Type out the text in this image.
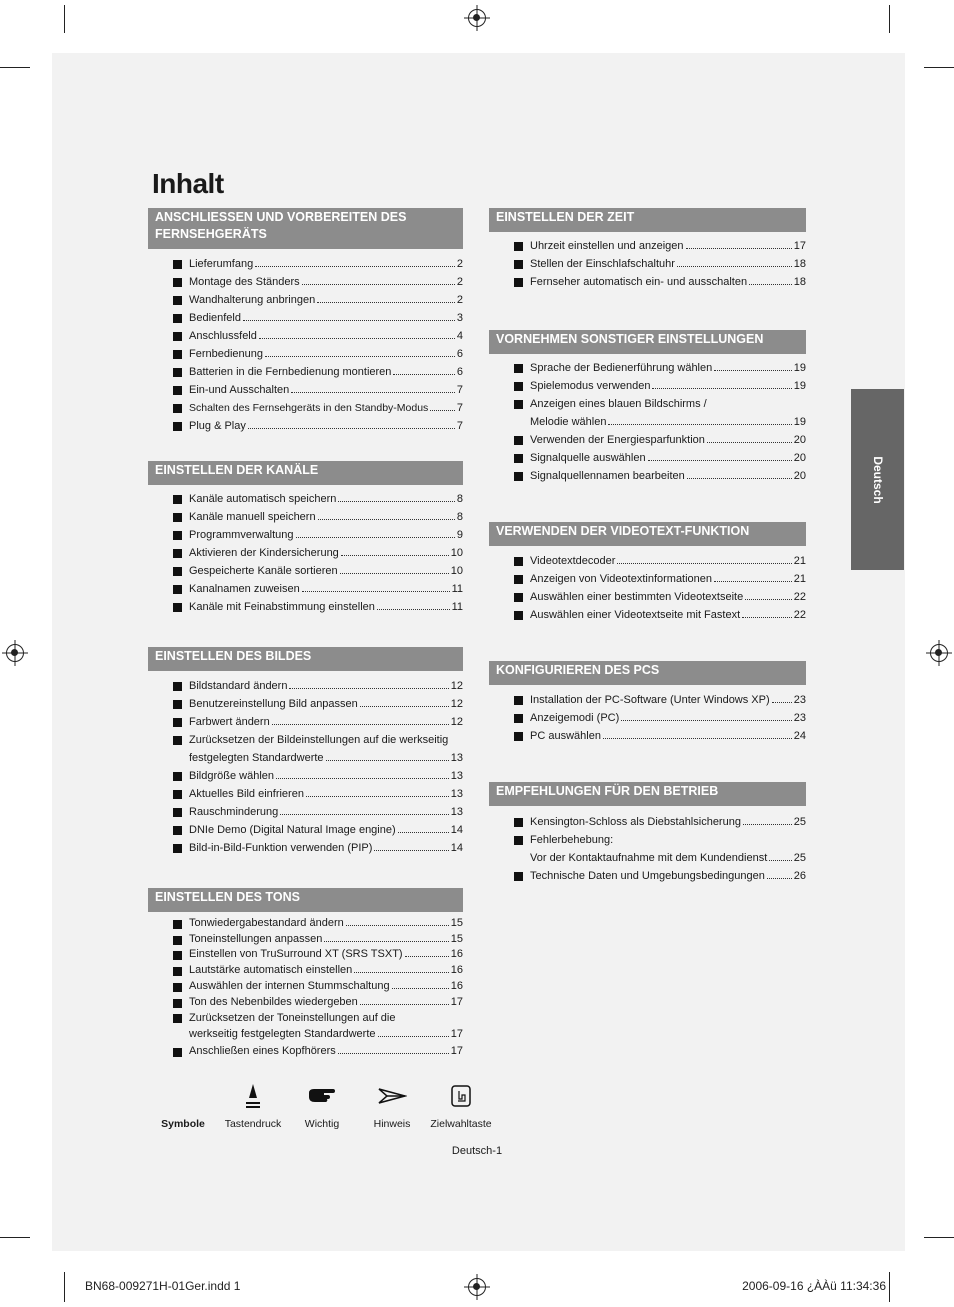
Inhalt
ANSCHLIESSEN UND VORBEREITEN DES FERNSEHGERÄTS
Lieferumfang	2
Montage des Ständers	2
Wandhalterung anbringen	2
Bedienfeld	3
Anschlussfeld	4
Fernbedienung	6
Batterien in die Fernbedienung montieren	6
Ein-und Ausschalten	7
Schalten des Fernsehgeräts in den Standby-Modus	7
Plug & Play	7
EINSTELLEN DER KANÄLE
Kanäle automatisch speichern	8
Kanäle manuell speichern	8
Programmverwaltung	9
Aktivieren der Kindersicherung	10
Gespeicherte Kanäle sortieren	10
Kanalnamen zuweisen	11
Kanäle mit Feinabstimmung einstellen	11
EINSTELLEN DES BILDES
Bildstandard ändern	12
Benutzereinstellung Bild anpassen	12
Farbwert ändern	12
Zurücksetzen der Bildeinstellungen auf die werkseitig
festgelegten Standardwerte	13
Bildgröße wählen	13
Aktuelles Bild einfrieren	13
Rauschminderung	13
DNIe Demo (Digital Natural Image engine)	14
Bild-in-Bild-Funktion verwenden (PIP)	14
EINSTELLEN DES TONS
Tonwiedergabestandard ändern	15
Toneinstellungen anpassen	15
Einstellen von TruSurround XT (SRS TSXT)	16
Lautstärke automatisch einstellen	16
Auswählen der internen Stummschaltung	16
Ton des Nebenbildes wiedergeben	17
Zurücksetzen der Toneinstellungen auf die
werkseitig festgelegten Standardwerte	17
Anschließen eines Kopfhörers	17
EINSTELLEN DER ZEIT
Uhrzeit einstellen und anzeigen	17
Stellen der Einschlafschaltuhr	18
Fernseher automatisch ein- und ausschalten	18
VORNEHMEN SONSTIGER EINSTELLUNGEN
Sprache der Bedienerführung wählen	19
Spielemodus verwenden	19
Anzeigen eines blauen Bildschirms /
Melodie wählen	19
Verwenden der Energiesparfunktion	20
Signalquelle auswählen	20
Signalquellennamen bearbeiten	20
VERWENDEN DER VIDEOTEXT-FUNKTION
Videotextdecoder	21
Anzeigen von Videotextinformationen	21
Auswählen einer bestimmten Videotextseite	22
Auswählen einer Videotextseite mit Fastext	22
KONFIGURIEREN DES PCS
Installation der PC-Software (Unter Windows XP) 23
Anzeigemodi (PC)	23
PC auswählen	24
EMPFEHLUNGEN FÜR DEN BETRIEB
Kensington-Schloss als Diebstahlsicherung	25
Fehlerbehebung:
Vor der Kontaktaufnahme mit dem Kundendienst 25
Technische Daten und Umgebungsbedingungen	26
Deutsch
Symbole	Tastendruck	Wichtig	Hinweis	Zielwahltaste
Deutsch-1
BN68-009271H-01Ger.indd 1	2006-09-16 ¿ÀÀü 11:34:36
